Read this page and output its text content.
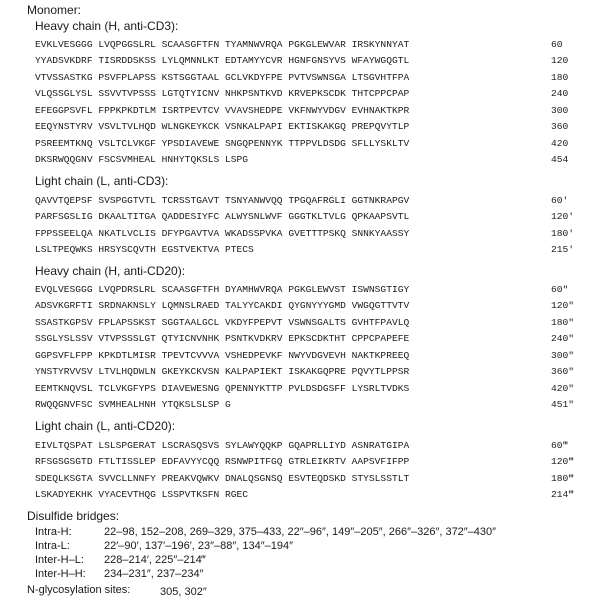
Monomer:
Heavy chain (H, anti-CD3):
EVKLVESGGG LVQPGGSLRL SCAASGFTFN TYAMNWVRQA PGKGLEWVAR IRSKYNNYAT	60
YYADSVKDRF TISRDDSKSS LYLQMNNLKT EDTAMYYCVR HGNFGNSYVS WFAYWGQGTL	120
VTVSSASTKG PSVFPLAPSS KSTSGGTAAL GCLVKDYFPE PVTVSWNSGA LTSGVHTFPA	180
VLQSSGLYSL SSVVTVPSSS LGTQTYICNV NHKPSNTKVD KRVEPKSCDK THTCPPCPAP	240
EFEGGPSVFL FPPKPKDTLM ISRTPEVTCV VVAVSHEDPE VKFNWYVDGV EVHNAKTKPR	300
EEQYNSTYRV VSVLTVLHQD WLNGKEYKCK VSNKALPAPI EKTISKAKGQ PREPQVYTLP	360
PSREEMTKNQ VSLTCLVKGF YPSDIAVEWE SNGQPENNYK TTPPVLDSDG SFLLYSKLTV	420
DKSRWQQGNV FSCSVMHEAL HNHYTQKSLS LSPG	454
Light chain (L, anti-CD3):
QAVVTQEPSF SVSPGGTVTL TCRSSTGAVT TSNYANWVQQ TPGQAFRGLI GGTNKRAPGV	60′
PARFSGSLIG DKAALTITGA QADDESIYFC ALWYSNLWVF GGGTKLTVLG QPKAAPSVTL	120′
FPPSSEELQA NKATLVCLIS DFYPGAVTVA WKADSSPVKA GVETTTPSKQ SNNKYAASSY	180′
LSLTPEQWKS HRSYSCQVTH EGSTVEKTVA PTECS	215′
Heavy chain (H, anti-CD20):
EVQLVESGGG LVQPDRSLRL SCAASGFTFH DYAMHWVRQA PGKGLEWVST ISWNSGTIGY	60″
ADSVKGRFTI SRDNAKNSLY LQMNSLRAED TALYYCAKDI QYGNYYYGMD VWGQGTTVTV	120″
SSASTKGPSV FPLAPSSKST SGGTAALGCL VKDYFPEPVT VSWNSGALTS GVHTFPAVLQ	180″
SSGLYSLSSV VTVPSSSLGT QTYICNVNHK PSNTKVDKRV EPKSCDKTHT CPPCPAPEFE	240″
GGPSVFLFPP KPKDTLMISR TPEVTCVVVA VSHEDPEVKF NWYVDGVEVH NAKTKPREEQ	300″
YNSTYRVVSV LTVLHQDWLN GKEYKCKVSN KALPAPIEKT ISKAKGQPRE PQVYTLPPSR	360″
EEMTKNQVSL TCLVKGFYPS DIAVEWESNG QPENNYKTTP PVLDSDGSFF LYSRLTVDKS	420″
RWQQGNVFSC SVMHEALHNH YTQKSLSLSP G	451″
Light chain (L, anti-CD20):
EIVLTQSPAT LSLSPGERAT LSCRASQSVS SYLAWYQQKP GQAPRLLIYD ASNRATGIPA	60‴
RFSGSGSGTD FTLTISSLEP EDFAVYYCQQ RSNWPITFGQ GTRLEIKRTV AAPSVFIFPP	120‴
SDEQLKSGTA SVVCLLNNFY PREAKVQWKV DNALQSGNSQ ESVTEQDSKD STYSLSSTLT	180‴
LSKADYEKHK VYACEVTHQG LSSPVTKSFN RGEC	214‴
Disulfide bridges:
Intra-H:	22–98, 152–208, 269–329, 375–433, 22″–96″, 149″–205″, 266″–326″, 372″–430″
Intra-L:	22′–90′, 137′–196′, 23″–88″, 134″–194″
Inter-H–L: 228–214′, 225″–214‴
Inter-H–H: 234–231″, 237–234″
N-glycosylation sites:	305, 302″
